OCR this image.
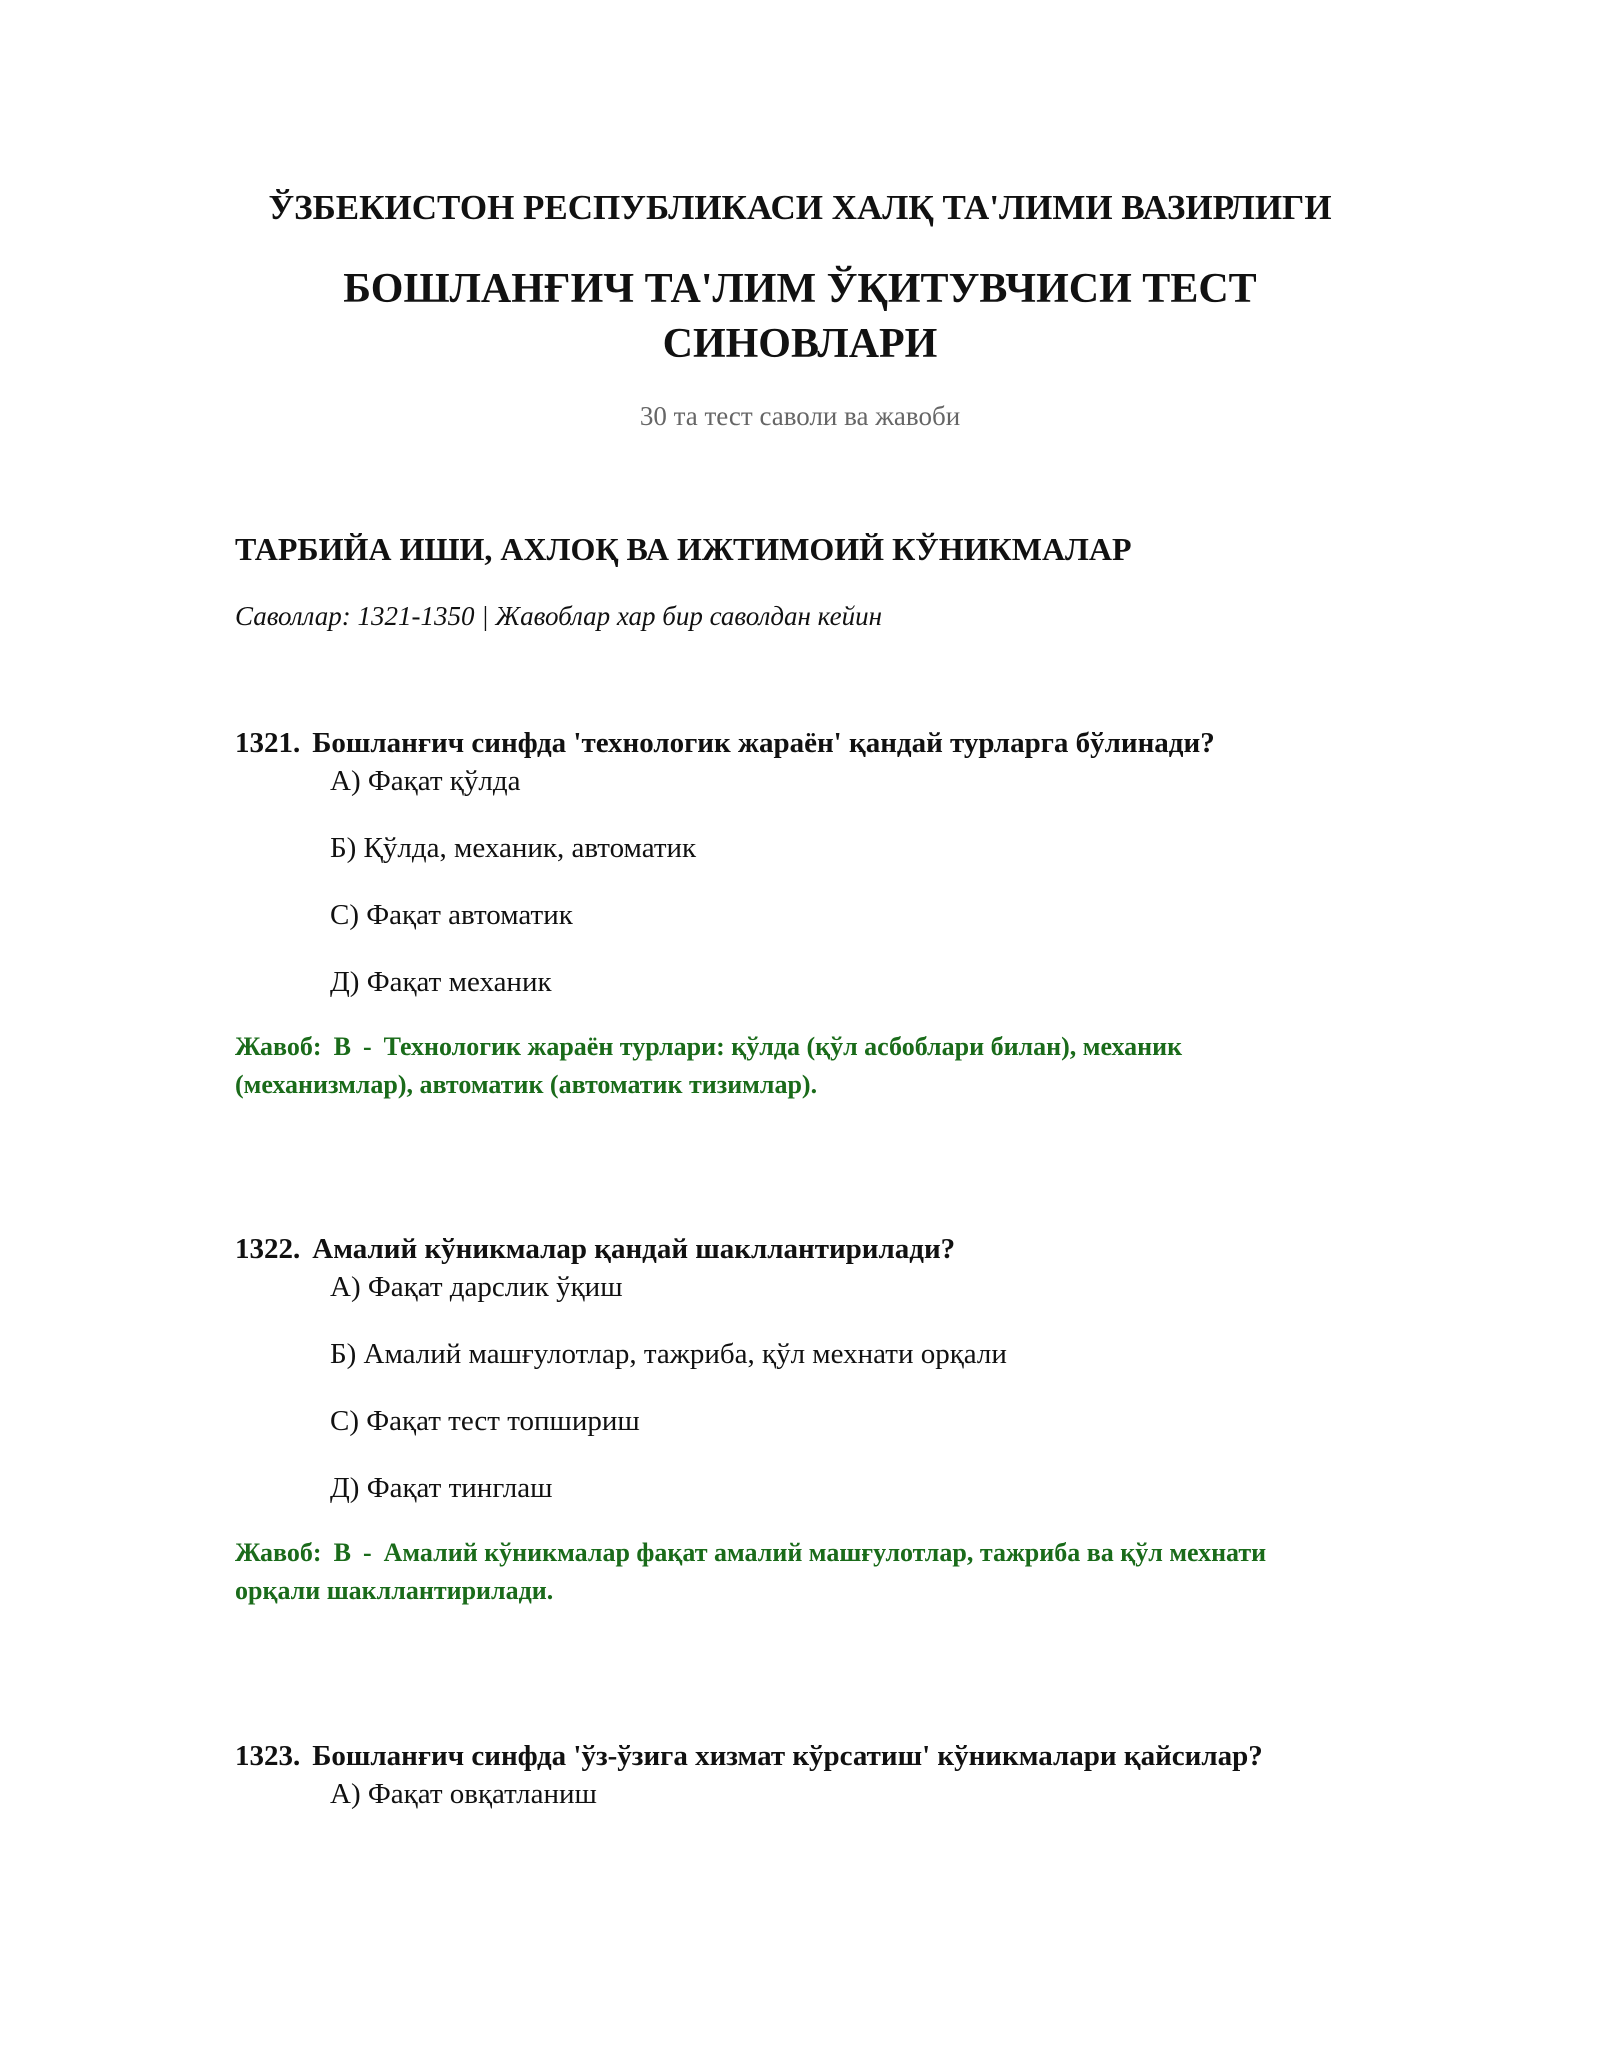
ЎЗБЕКИСТОН РЕСПУБЛИКАСИ ХАЛҚ ТА'ЛИМИ ВАЗИРЛИГИ
БОШЛАНҒИЧ ТА'ЛИМ ЎҚИТУВЧИСИ ТЕСТ СИНОВЛАРИ

30 та тест саволи ва жавоби

ТАРБИЙА ИШИ, АХЛОҚ ВА ИЖТИМОИЙ КЎНИКМАЛАР

Саволлар: 1321-1350 | Жавоблар хар бир саволдан кейин

1321. Бошланғич синфда 'технологик жараён' қандай турларга бўлинади?

А) Фақат қўлда

Б) Қўлда, механик, автоматик

С) Фақат автоматик

Д) Фақат механик

Жавоб: B - Технологик жараён турлари: қўлда (қўл асбоблари билан), механик (механизмлар), автоматик (автоматик тизимлар).

1322. Амалий кўникмалар қандай шакллантирилади?

А) Фақат дарслик ўқиш

Б) Амалий машғулотлар, тажриба, қўл мехнати орқали

С) Фақат тест топшириш

Д) Фақат тинглаш

Жавоб: B - Амалий кўникмалар фақат амалий машғулотлар, тажриба ва қўл мехнати орқали шакллантирилади.

1323. Бошланғич синфда 'ўз-ўзига хизмат кўрсатиш' кўникмалари қайсилар?

А) Фақат овқатланиш
